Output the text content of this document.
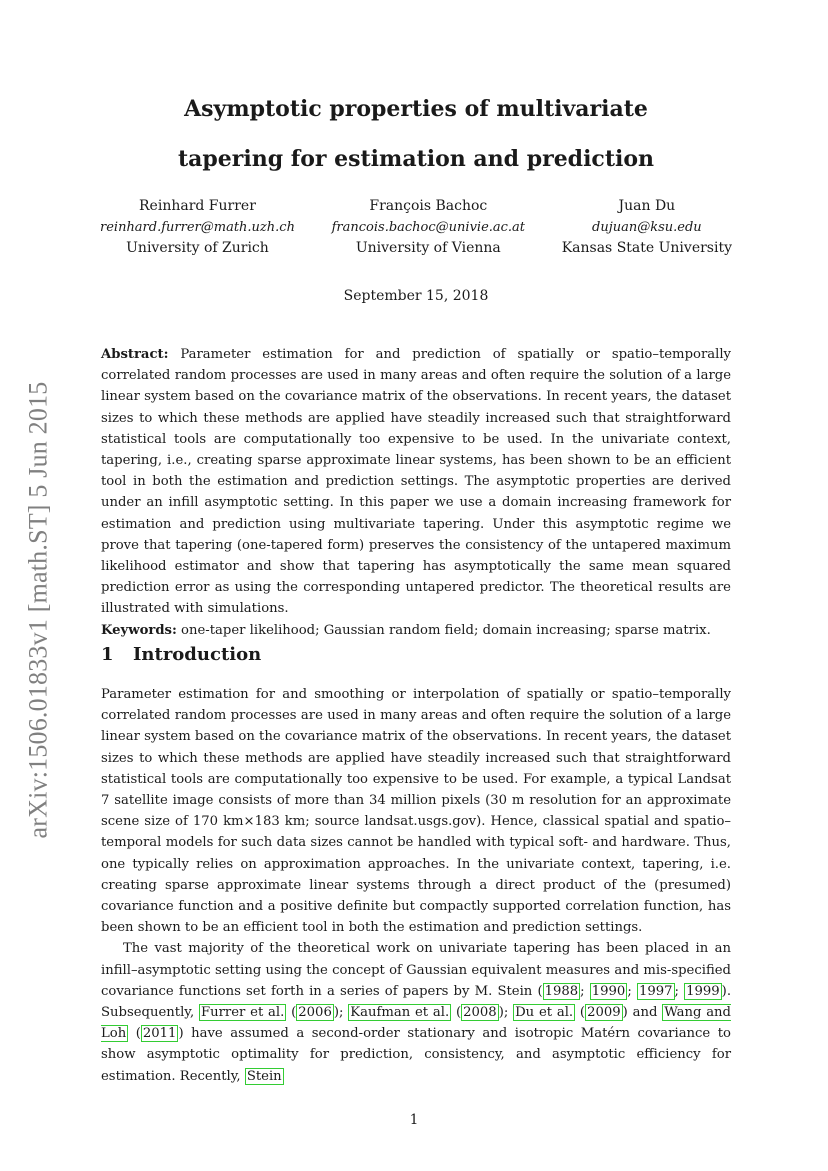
arXiv:1506.01833v1 [math.ST] 5 Jun 2015
Asymptotic properties of multivariate
tapering for estimation and prediction
Reinhard Furrer
reinhard.furrer@math.uzh.ch
University of Zurich
François Bachoc
francois.bachoc@univie.ac.at
University of Vienna
Juan Du
dujuan@ksu.edu
Kansas State University
September 15, 2018
Abstract: Parameter estimation for and prediction of spatially or spatio–temporally correlated random processes are used in many areas and often require the solution of a large linear system based on the covariance matrix of the observations. In recent years, the dataset sizes to which these methods are applied have steadily increased such that straightforward statistical tools are computationally too expensive to be used. In the univariate context, tapering, i.e., creating sparse approximate linear systems, has been shown to be an efficient tool in both the estimation and prediction settings. The asymptotic properties are derived under an infill asymptotic setting. In this paper we use a domain increasing framework for estimation and prediction using multivariate tapering. Under this asymptotic regime we prove that tapering (one-tapered form) preserves the consistency of the untapered maximum likelihood estimator and show that tapering has asymptotically the same mean squared prediction error as using the corresponding untapered predictor. The theoretical results are illustrated with simulations.
Keywords: one-taper likelihood; Gaussian random field; domain increasing; sparse matrix.
1 Introduction

Parameter estimation for and smoothing or interpolation of spatially or spatio–temporally correlated random processes are used in many areas and often require the solution of a large linear system based on the covariance matrix of the observations. In recent years, the dataset sizes to which these methods are applied have steadily increased such that straightforward statistical tools are computationally too expensive to be used. For example, a typical Landsat 7 satellite image consists of more than 34 million pixels (30 m resolution for an approximate scene size of 170 km×183 km; source landsat.usgs.gov). Hence, classical spatial and spatio–temporal models for such data sizes cannot be handled with typical soft- and hardware. Thus, one typically relies on approximation approaches. In the univariate context, tapering, i.e. creating sparse approximate linear systems through a direct product of the (presumed) covariance function and a positive definite but compactly supported correlation function, has been shown to be an efficient tool in both the estimation and prediction settings.

The vast majority of the theoretical work on univariate tapering has been placed in an infill–asymptotic setting using the concept of Gaussian equivalent measures and mis-specified covariance functions set forth in a series of papers by M. Stein ( 1988 ; 1990 ; 1997 ; 1999 ). Subsequently, Furrer et al. ( 2006 ); Kaufman et al. ( 2008 ); Du et al. ( 2009 ) and Wang and Loh ( 2011 ) have assumed a second-order stationary and isotropic Matérn covariance to show asymptotic optimality for prediction, consistency, and asymptotic efficiency for estimation. Recently, Stein

1
